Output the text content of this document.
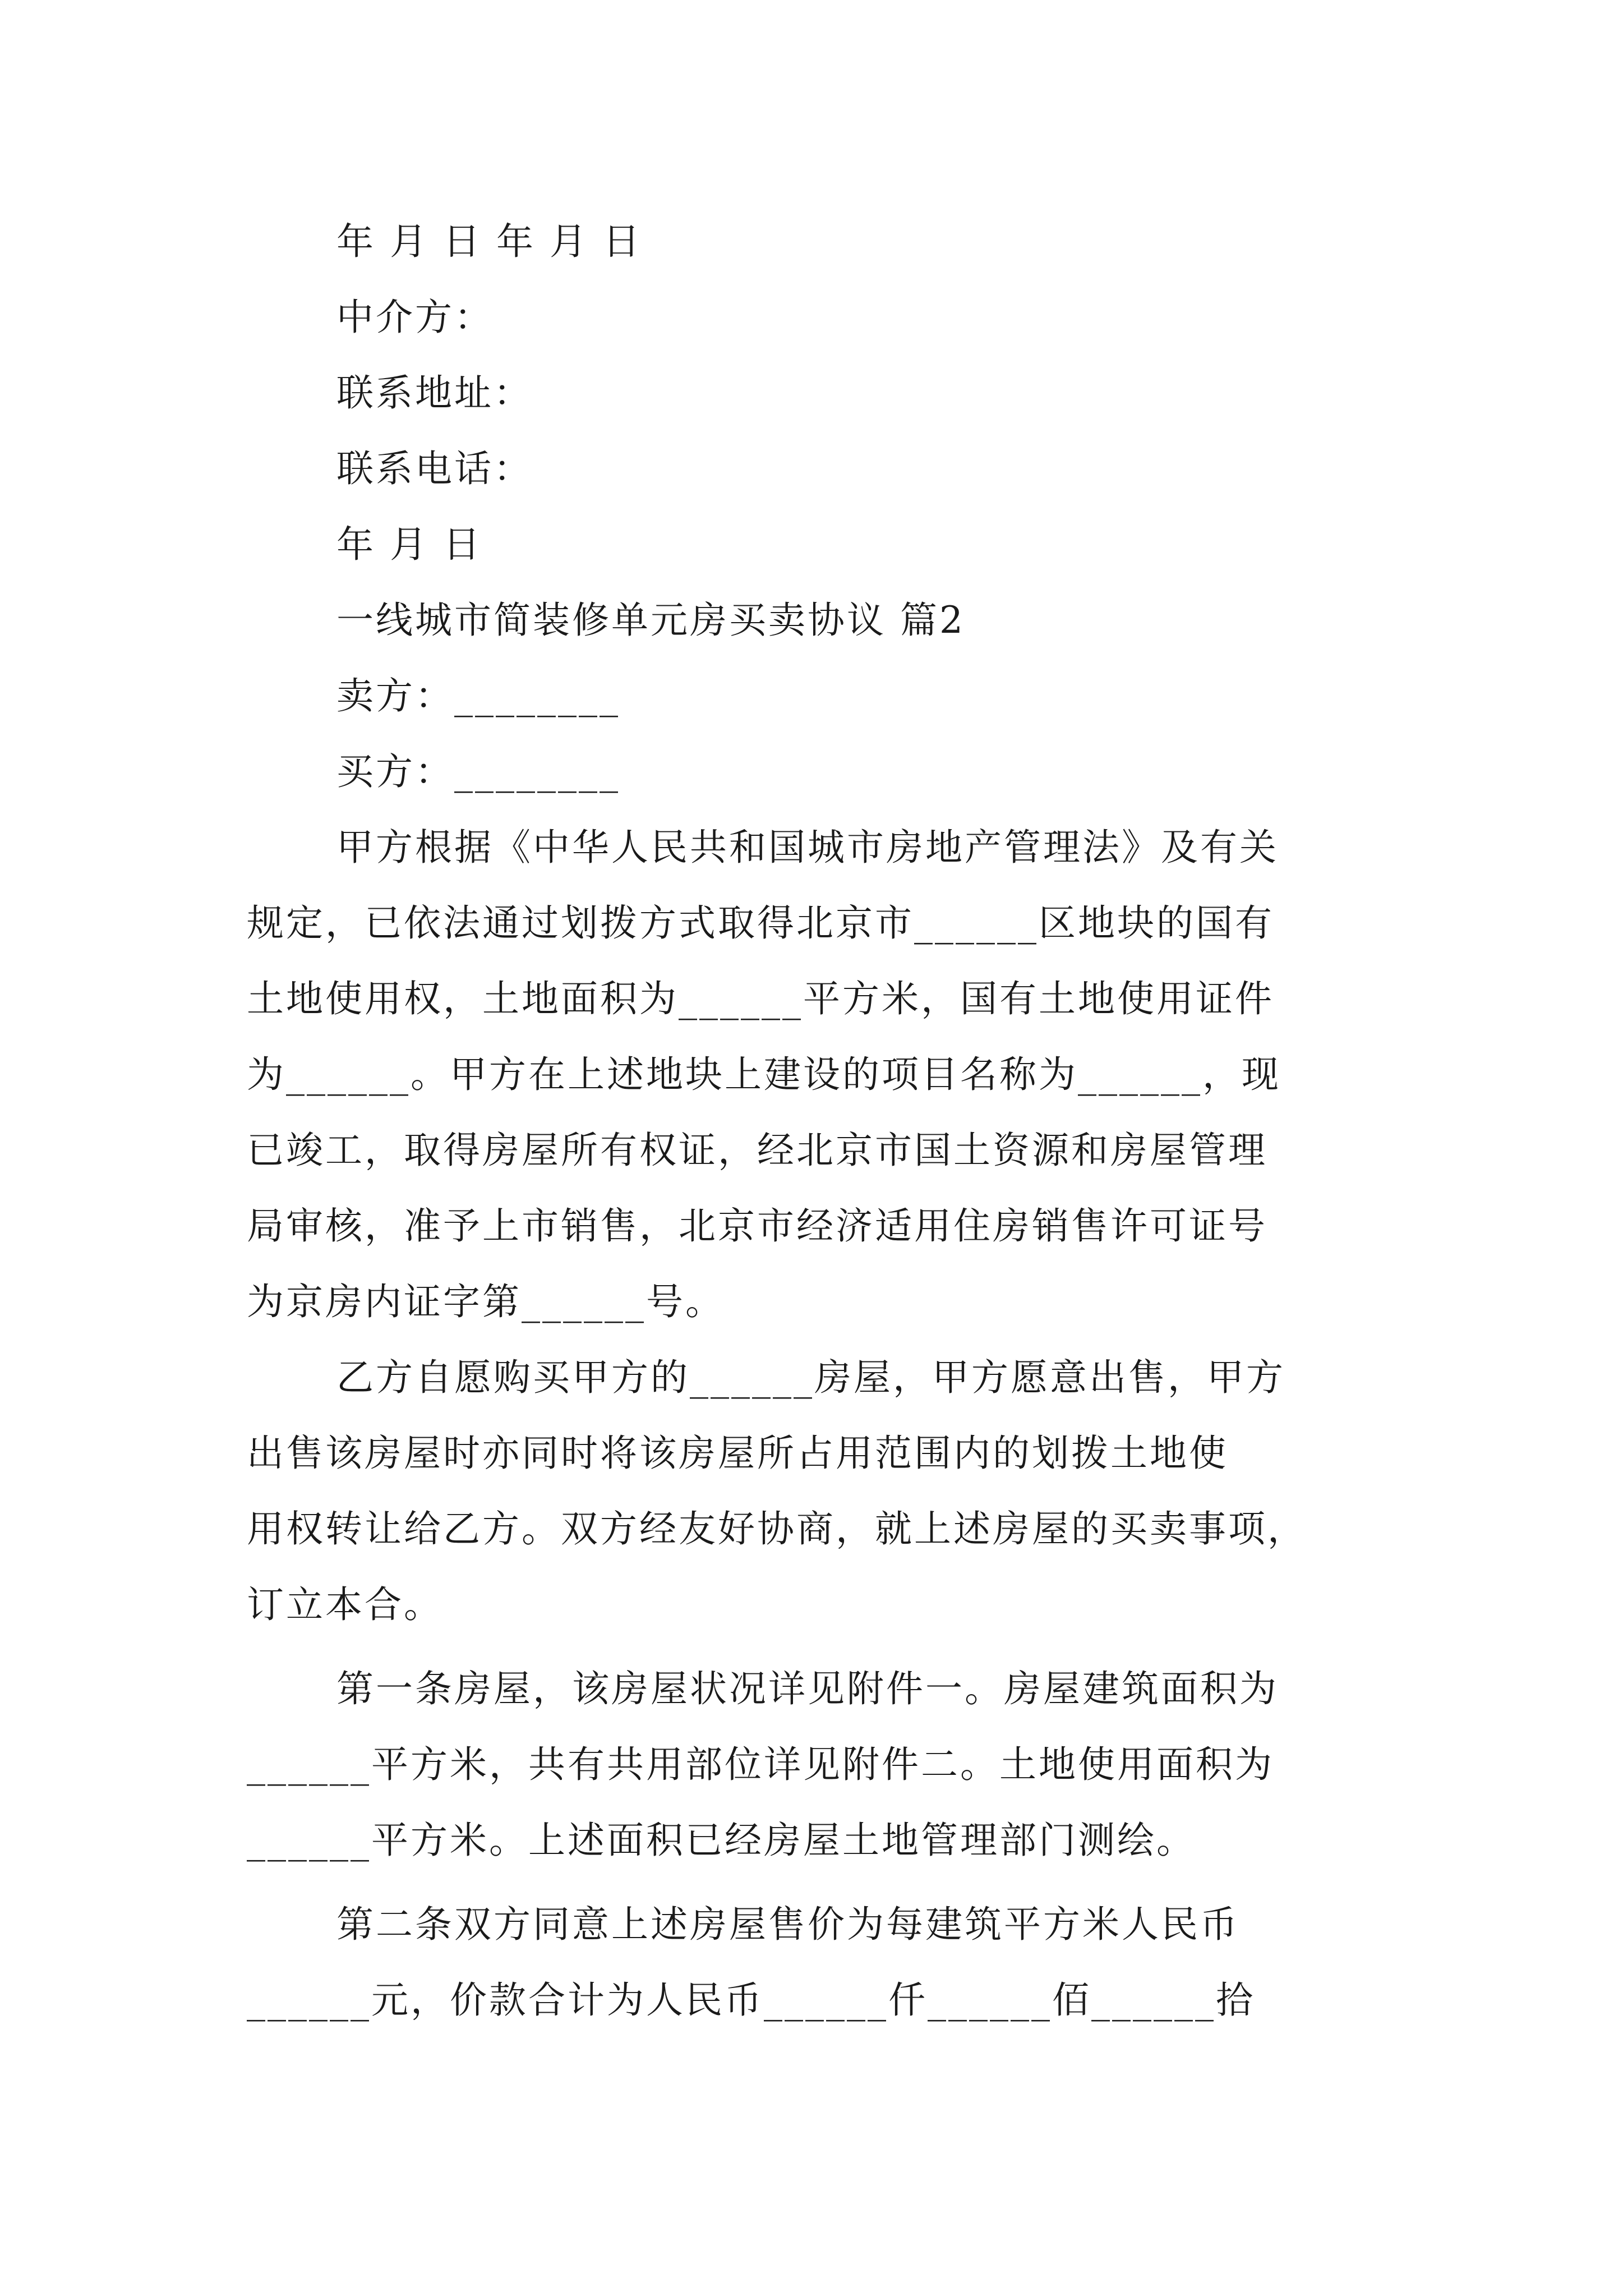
年 月 日 年 月 日
中介方：
联系地址：
联系电话：
年 月 日
一线城市简装修单元房买卖协议 篇2
卖方：________
买方：________
甲方根据《中华人民共和国城市房地产管理法》及有关
规定，已依法通过划拨方式取得北京市______区地块的国有
土地使用权，土地面积为______平方米，国有土地使用证件
为______。甲方在上述地块上建设的项目名称为______，现
已竣工，取得房屋所有权证，经北京市国土资源和房屋管理
局审核，准予上市销售，北京市经济适用住房销售许可证号
为京房内证字第______号。
乙方自愿购买甲方的______房屋，甲方愿意出售，甲方
出售该房屋时亦同时将该房屋所占用范围内的划拨土地使
用权转让给乙方。双方经友好协商，就上述房屋的买卖事项，
订立本合。
第一条房屋，该房屋状况详见附件一。房屋建筑面积为
______平方米，共有共用部位详见附件二。土地使用面积为
______平方米。上述面积已经房屋土地管理部门测绘。
第二条双方同意上述房屋售价为每建筑平方米人民币
______元，价款合计为人民币______仟______佰______拾
